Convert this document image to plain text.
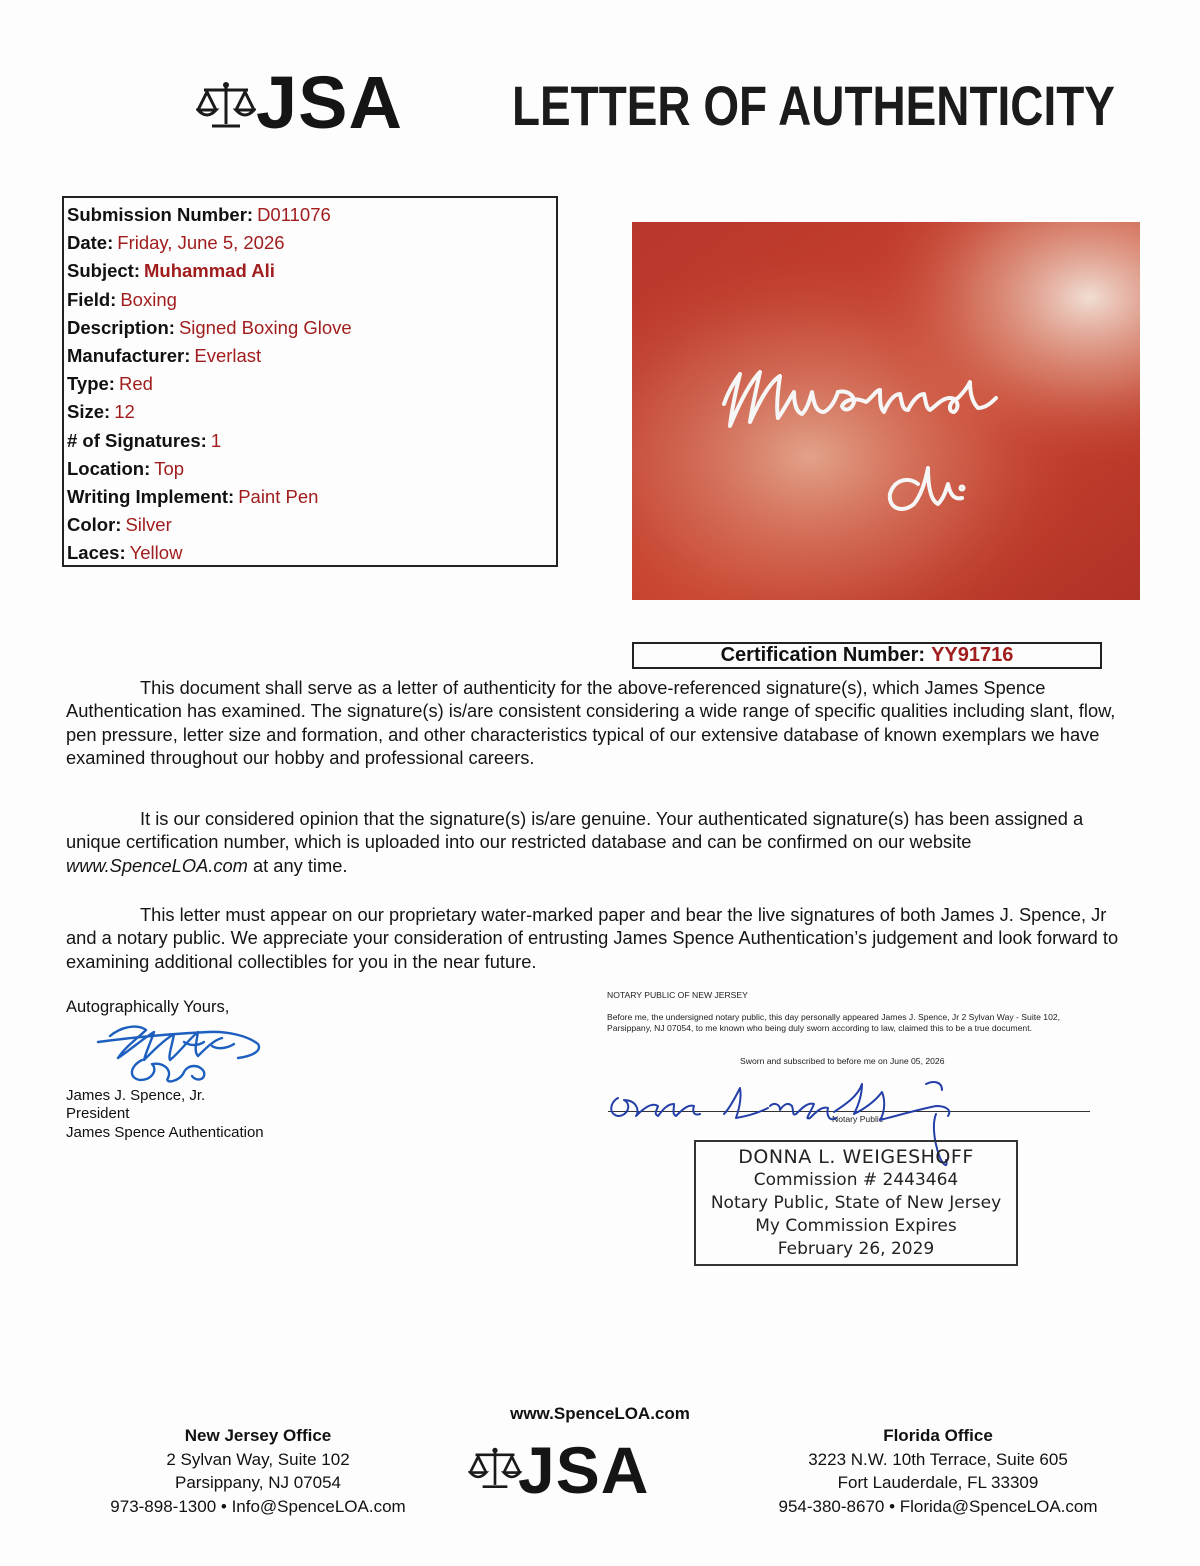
JSA LETTER OF AUTHENTICITY
Submission Number: D011076
Date: Friday, June 5, 2026
Subject: Muhammad Ali
Field: Boxing
Description: Signed Boxing Glove
Manufacturer: Everlast
Type: Red
Size: 12
# of Signatures: 1
Location: Top
Writing Implement: Paint Pen
Color: Silver
Laces: Yellow
Certification Number: YY91716
This document shall serve as a letter of authenticity for the above-referenced signature(s), which James Spence Authentication has examined. The signature(s) is/are consistent considering a wide range of specific qualities including slant, flow, pen pressure, letter size and formation, and other characteristics typical of our extensive database of known exemplars we have examined throughout our hobby and professional careers.
It is our considered opinion that the signature(s) is/are genuine. Your authenticated signature(s) has been assigned a unique certification number, which is uploaded into our restricted database and can be confirmed on our website www.SpenceLOA.com at any time.
This letter must appear on our proprietary water-marked paper and bear the live signatures of both James J. Spence, Jr and a notary public. We appreciate your consideration of entrusting James Spence Authentication’s judgement and look forward to examining additional collectibles for you in the near future.
Autographically Yours,
James J. Spence, Jr.
President
James Spence Authentication
NOTARY PUBLIC OF NEW JERSEY
Before me, the undersigned notary public, this day personally appeared James J. Spence, Jr 2 Sylvan Way - Suite 102, Parsippany, NJ 07054, to me known who being duly sworn according to law, claimed this to be a true document.
Sworn and subscribed to before me on June 05, 2026
Notary Public
DONNA L. WEIGESHOFF
Commission # 2443464
Notary Public, State of New Jersey
My Commission Expires
February 26, 2029
www.SpenceLOA.com
New Jersey Office
2 Sylvan Way, Suite 102
Parsippany, NJ 07054
973-898-1300 • Info@SpenceLOA.com	JSA	Florida Office
3223 N.W. 10th Terrace, Suite 605
Fort Lauderdale, FL 33309
954-380-8670 • Florida@SpenceLOA.com
